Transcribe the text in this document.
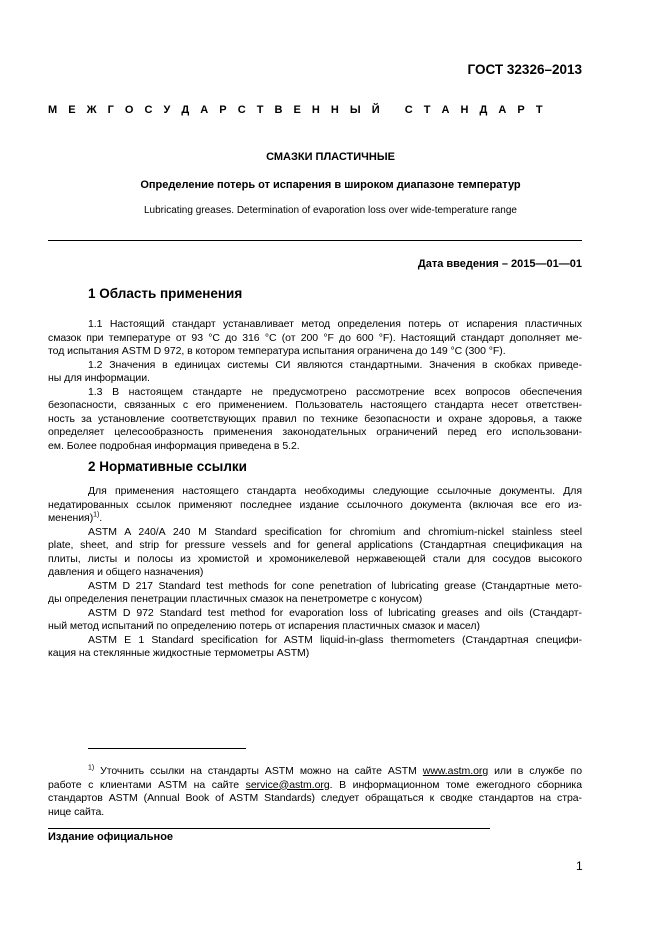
ГОСТ 32326–2013
М Е Ж Г О С У Д А Р С Т В Е Н Н Ы Й   С Т А Н Д А Р Т
СМАЗКИ ПЛАСТИЧНЫЕ
Определение потерь от испарения в широком диапазоне температур
Lubricating greases. Determination of evaporation loss over wide-temperature range
Дата введения – 2015—01—01
1 Область применения
1.1 Настоящий стандарт устанавливает метод определения потерь от испарения пластичных
смазок при температуре от 93 °C до 316 °C (от 200 °F до 600 °F). Настоящий стандарт дополняет ме-
тод испытания ASTM D 972, в котором температура испытания ограничена до 149 °C (300 °F).
1.2 Значения в единицах системы СИ являются стандартными. Значения в скобках приведе-
ны для информации.
1.3 В настоящем стандарте не предусмотрено рассмотрение всех вопросов обеспечения
безопасности, связанных с его применением. Пользователь настоящего стандарта несет ответствен-
ность за установление соответствующих правил по технике безопасности и охране здоровья, а также
определяет целесообразность применения законодательных ограничений перед его использовани-
ем. Более подробная информация приведена в 5.2.
2 Нормативные ссылки
Для применения настоящего стандарта необходимы следующие ссылочные документы. Для
недатированных ссылок применяют последнее издание ссылочного документа (включая все его из-
менения)$^{1)}$.
ASTM A 240/A 240 M Standard specification for chromium and chromium-nickel stainless steel
plate, sheet, and strip for pressure vessels and for general applications (Стандартная спецификация на
плиты, листы и полосы из хромистой и хромоникелевой нержавеющей стали для сосудов высокого
давления и общего назначения)
ASTM D 217 Standard test methods for cone penetration of lubricating grease (Стандартные мето-
ды определения пенетрации пластичных смазок на пенетрометре с конусом)
ASTM D 972 Standard test method for evaporation loss of lubricating greases and oils (Стандарт-
ный метод испытаний по определению потерь от испарения пластичных смазок и масел)
ASTM E 1 Standard specification for ASTM liquid-in-glass thermometers (Стандартная специфи-
кация на стеклянные жидкостные термометры ASTM)
$^{1)}$ Уточнить ссылки на стандарты ASTM можно на сайте ASTM www.astm.org или в службе по
работе с клиентами ASTM на сайте service@astm.org. В информационном томе ежегодного сборника
стандартов ASTM (Annual Book of ASTM Standards) следует обращаться к сводке стандартов на стра-
нице сайта.
Издание официальное
1
